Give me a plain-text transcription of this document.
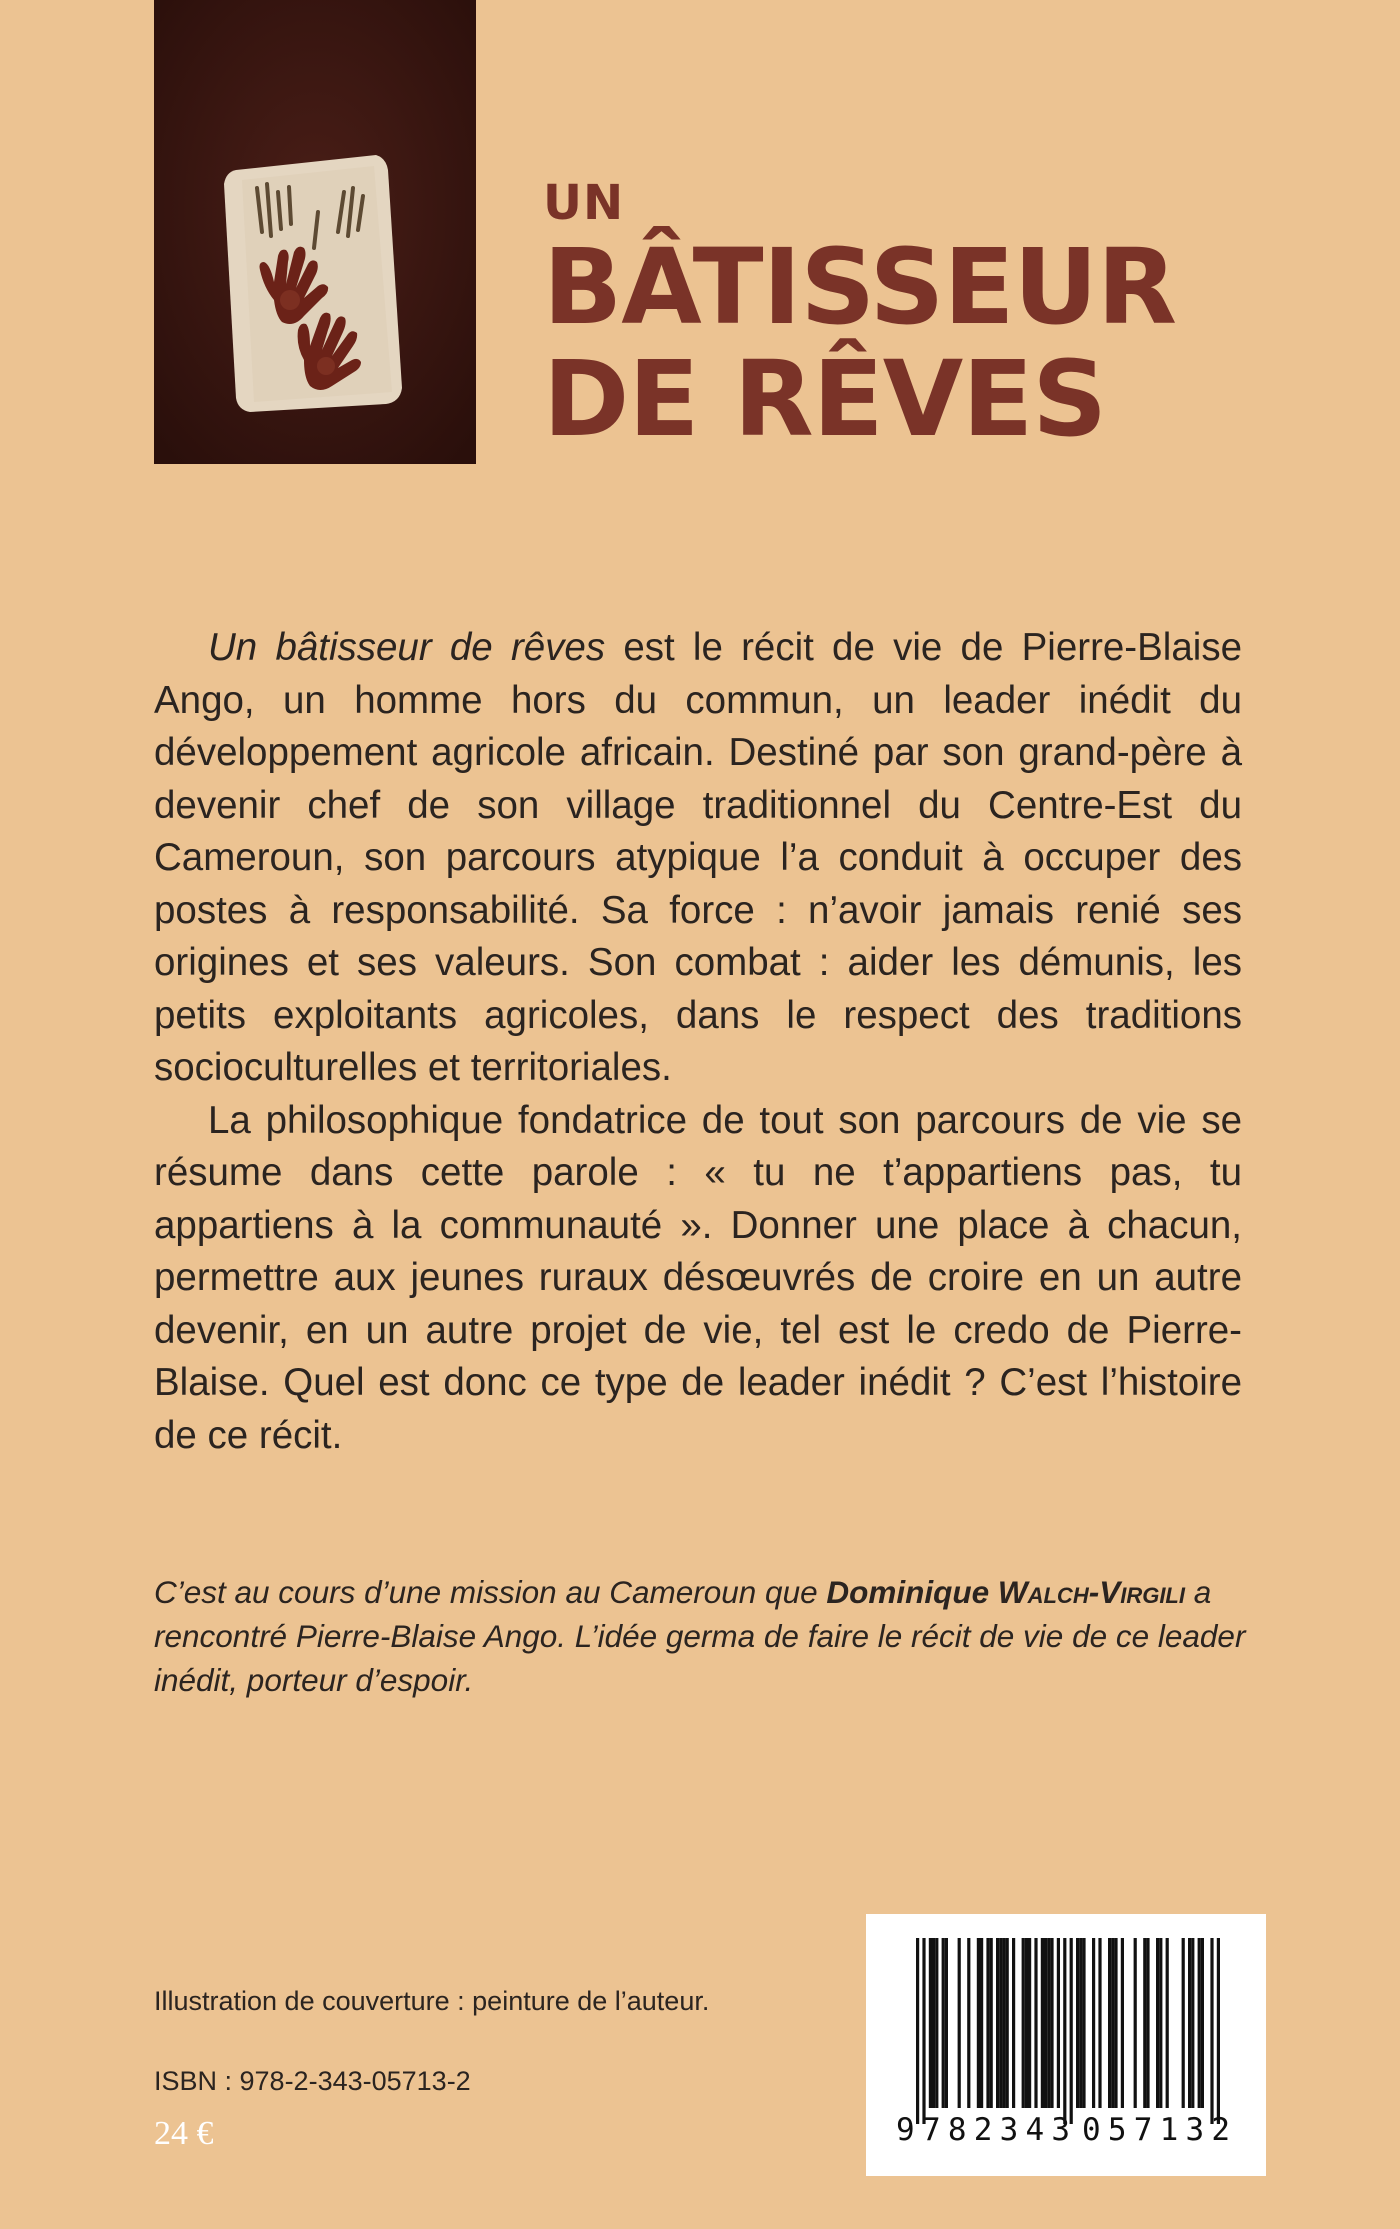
UN
BÂTISSEUR
DE RÊVES

Un bâtisseur de rêves est le récit de vie de Pierre-Blaise Ango, un homme hors du commun, un leader inédit du développement agricole africain. Destiné par son grand-père à devenir chef de son village traditionnel du Centre-Est du Cameroun, son parcours atypique l’a conduit à occuper des postes à responsabilité. Sa force : n’avoir jamais renié ses origines et ses valeurs. Son combat : aider les démunis, les petits exploitants agricoles, dans le respect des traditions socioculturelles et territoriales.

La philosophique fondatrice de tout son parcours de vie se résume dans cette parole : « tu ne t’appartiens pas, tu appartiens à la communauté ». Donner une place à chacun, permettre aux jeunes ruraux désœuvrés de croire en un autre devenir, en un autre projet de vie, tel est le credo de Pierre-Blaise. Quel est donc ce type de leader inédit ? C’est l’histoire de ce récit.

C’est au cours d’une mission au Cameroun que Dominique Walch-Virgili a rencontré Pierre-Blaise Ango. L’idée germa de faire le récit de vie de ce leader inédit, porteur d’espoir.
Illustration de couverture : peinture de l’auteur.
ISBN : 978-2-343-05713-2
24 €	9 782343 057132
